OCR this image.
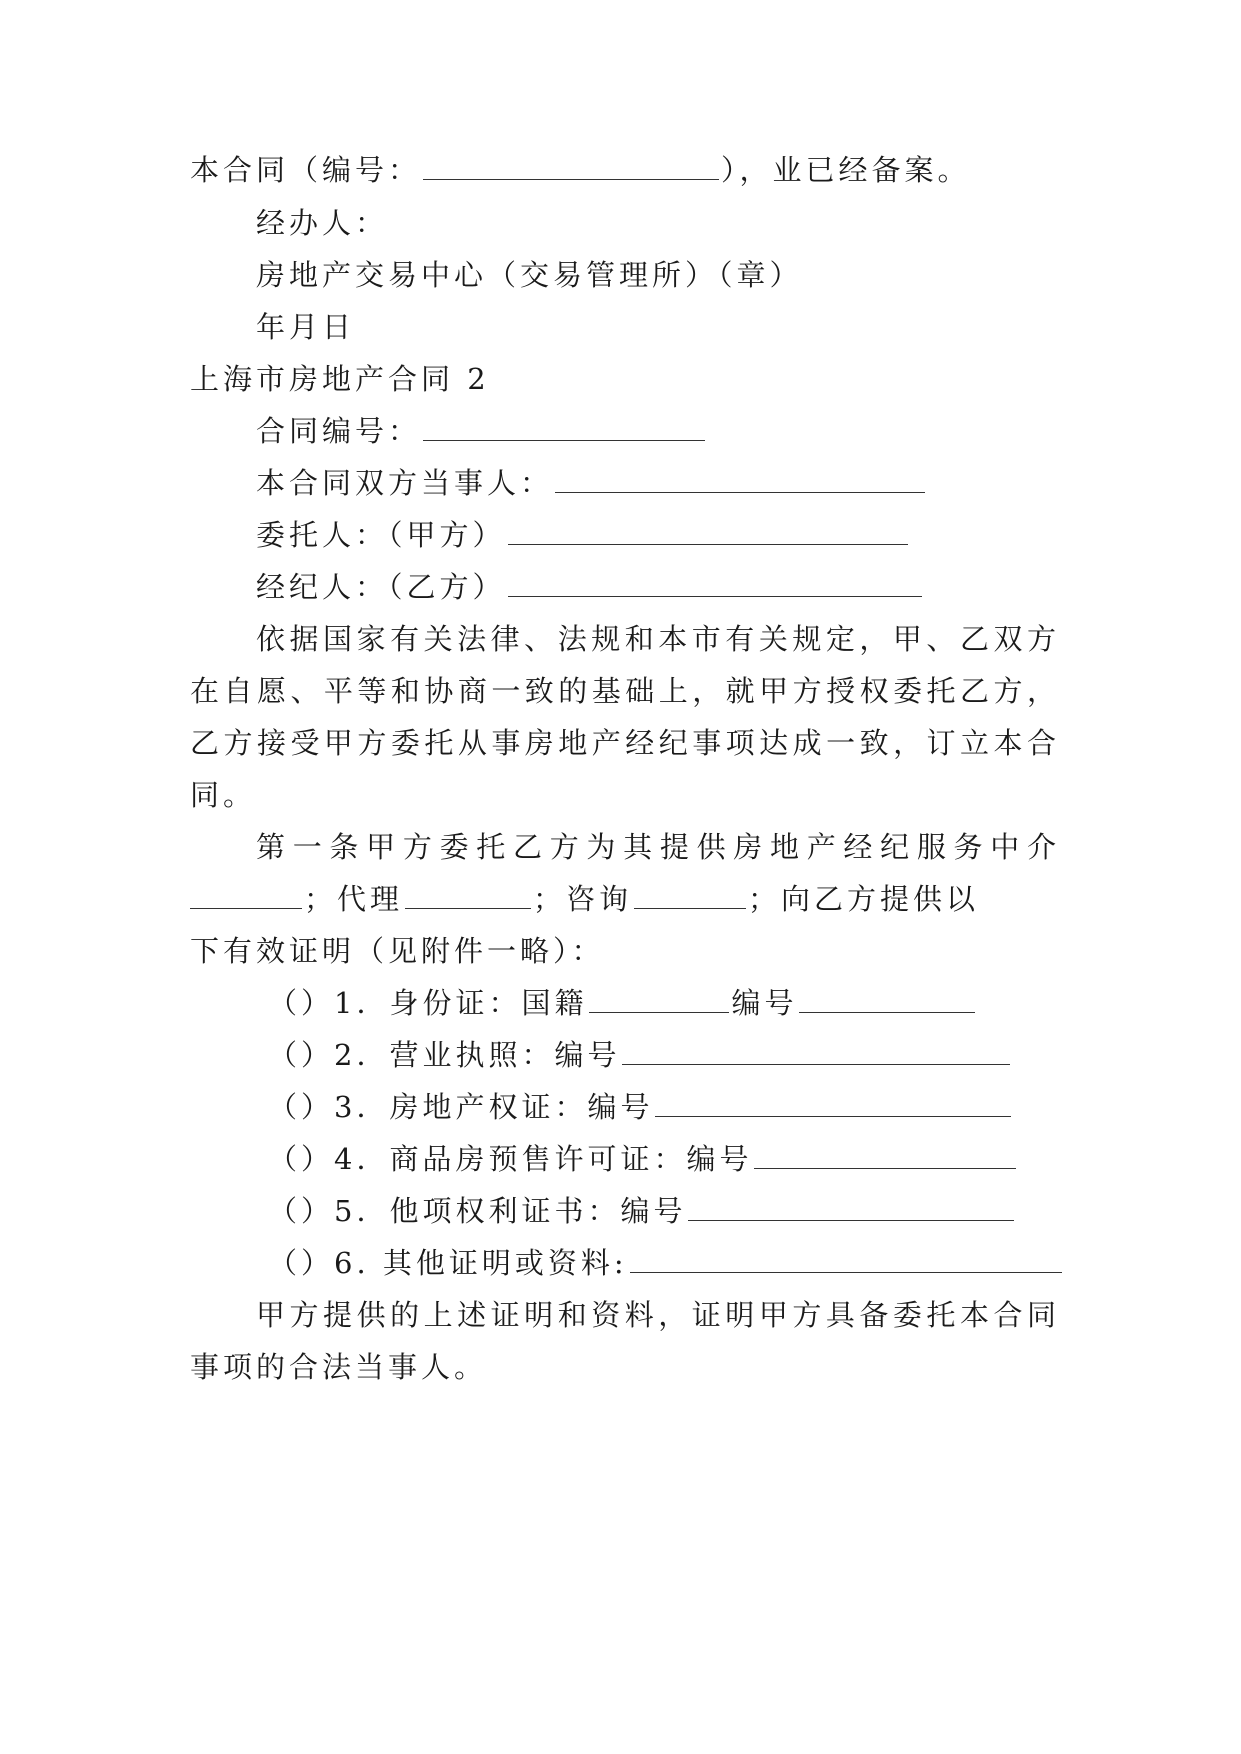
本合同（编号：	），业已经备案。
经办人：
房地产交易中心（交易管理所）（章）
年月日
上海市房地产合同 2
合同编号：
本合同双方当事人：
委托人：（甲方）
经纪人：（乙方）
依据国家有关法律、法规和本市有关规定，甲、乙双方
在自愿、平等和协商一致的基础上，就甲方授权委托乙方，
乙方接受甲方委托从事房地产经纪事项达成一致，订立本合
同。
第一条甲方委托乙方为其提供房地产经纪服务中介
；代理	；咨询	；向乙方提供以
下有效证明（见附件一略）：
（）1．身份证：国籍	编号
（）2．营业执照：编号
（）3．房地产权证：编号
（）4．商品房预售许可证：编号
（）5．他项权利证书：编号
（）6. 其他证明或资料:
甲方提供的上述证明和资料，证明甲方具备委托本合同
事项的合法当事人。
